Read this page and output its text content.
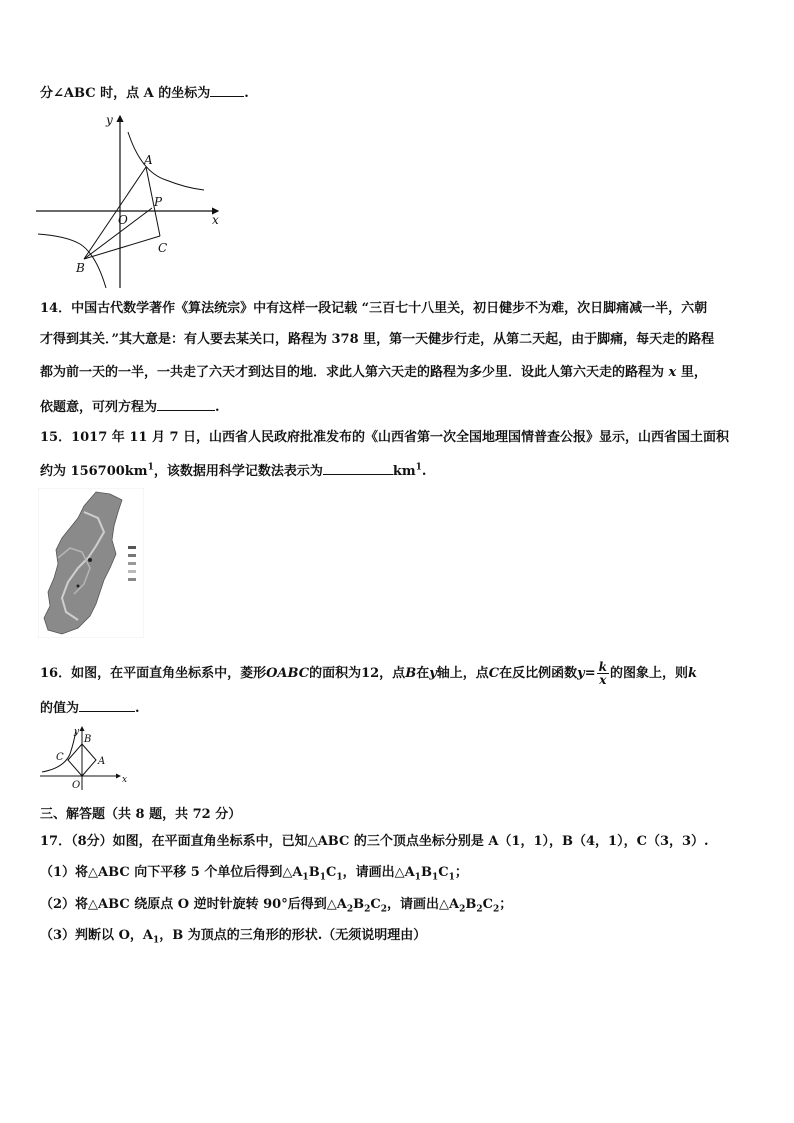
分∠ABC 时，点 A 的坐标为	.
y
x
O
A
P
C
B
14．中国古代数学著作《算法统宗》中有这样一段记载 “三百七十八里关，初日健步不为难，次日脚痛减一半，六朝
才得到其关．”其大意是：有人要去某关口，路程为 378 里，第一天健步行走，从第二天起，由于脚痛，每天走的路程
都为前一天的一半，一共走了六天才到达目的地．求此人第六天走的路程为多少里．设此人第六天走的路程为 x 里，
依题意，可列方程为	.
15．1017 年 11 月 7 日，山西省人民政府批准发布的《山西省第一次全国地理国情普查公报》显示，山西省国土面积
约为 $156700km^1$，该数据用科学记数法表示为	$km^1$.
16．如图，在平面直角坐标系中，菱形OABC的面积为12，点B在y轴上，点C在反比例函数$y= \frac{k}{x}$ 的图象上，则k
的值为	.
y
B
A
C
O	x
三、解答题（共 8 题，共 72 分）
17．（8分）如图，在平面直角坐标系中，已知△ABC 的三个顶点坐标分别是 A（1，1），B（4，1），C（3，3）.
（1）将△ABC 向下平移 5 个单位后得到$\triangle A_1B_1C_1$，请画出$\triangle A_1B_1C_1$；
（2）将△ABC 绕原点 O 逆时针旋转 90°后得到$\triangle A_2B_2C_2$，请画出$\triangle A_2B_2C_2$；
（3）判断以 O，$A_1$，B 为顶点的三角形的形状.（无须说明理由）
